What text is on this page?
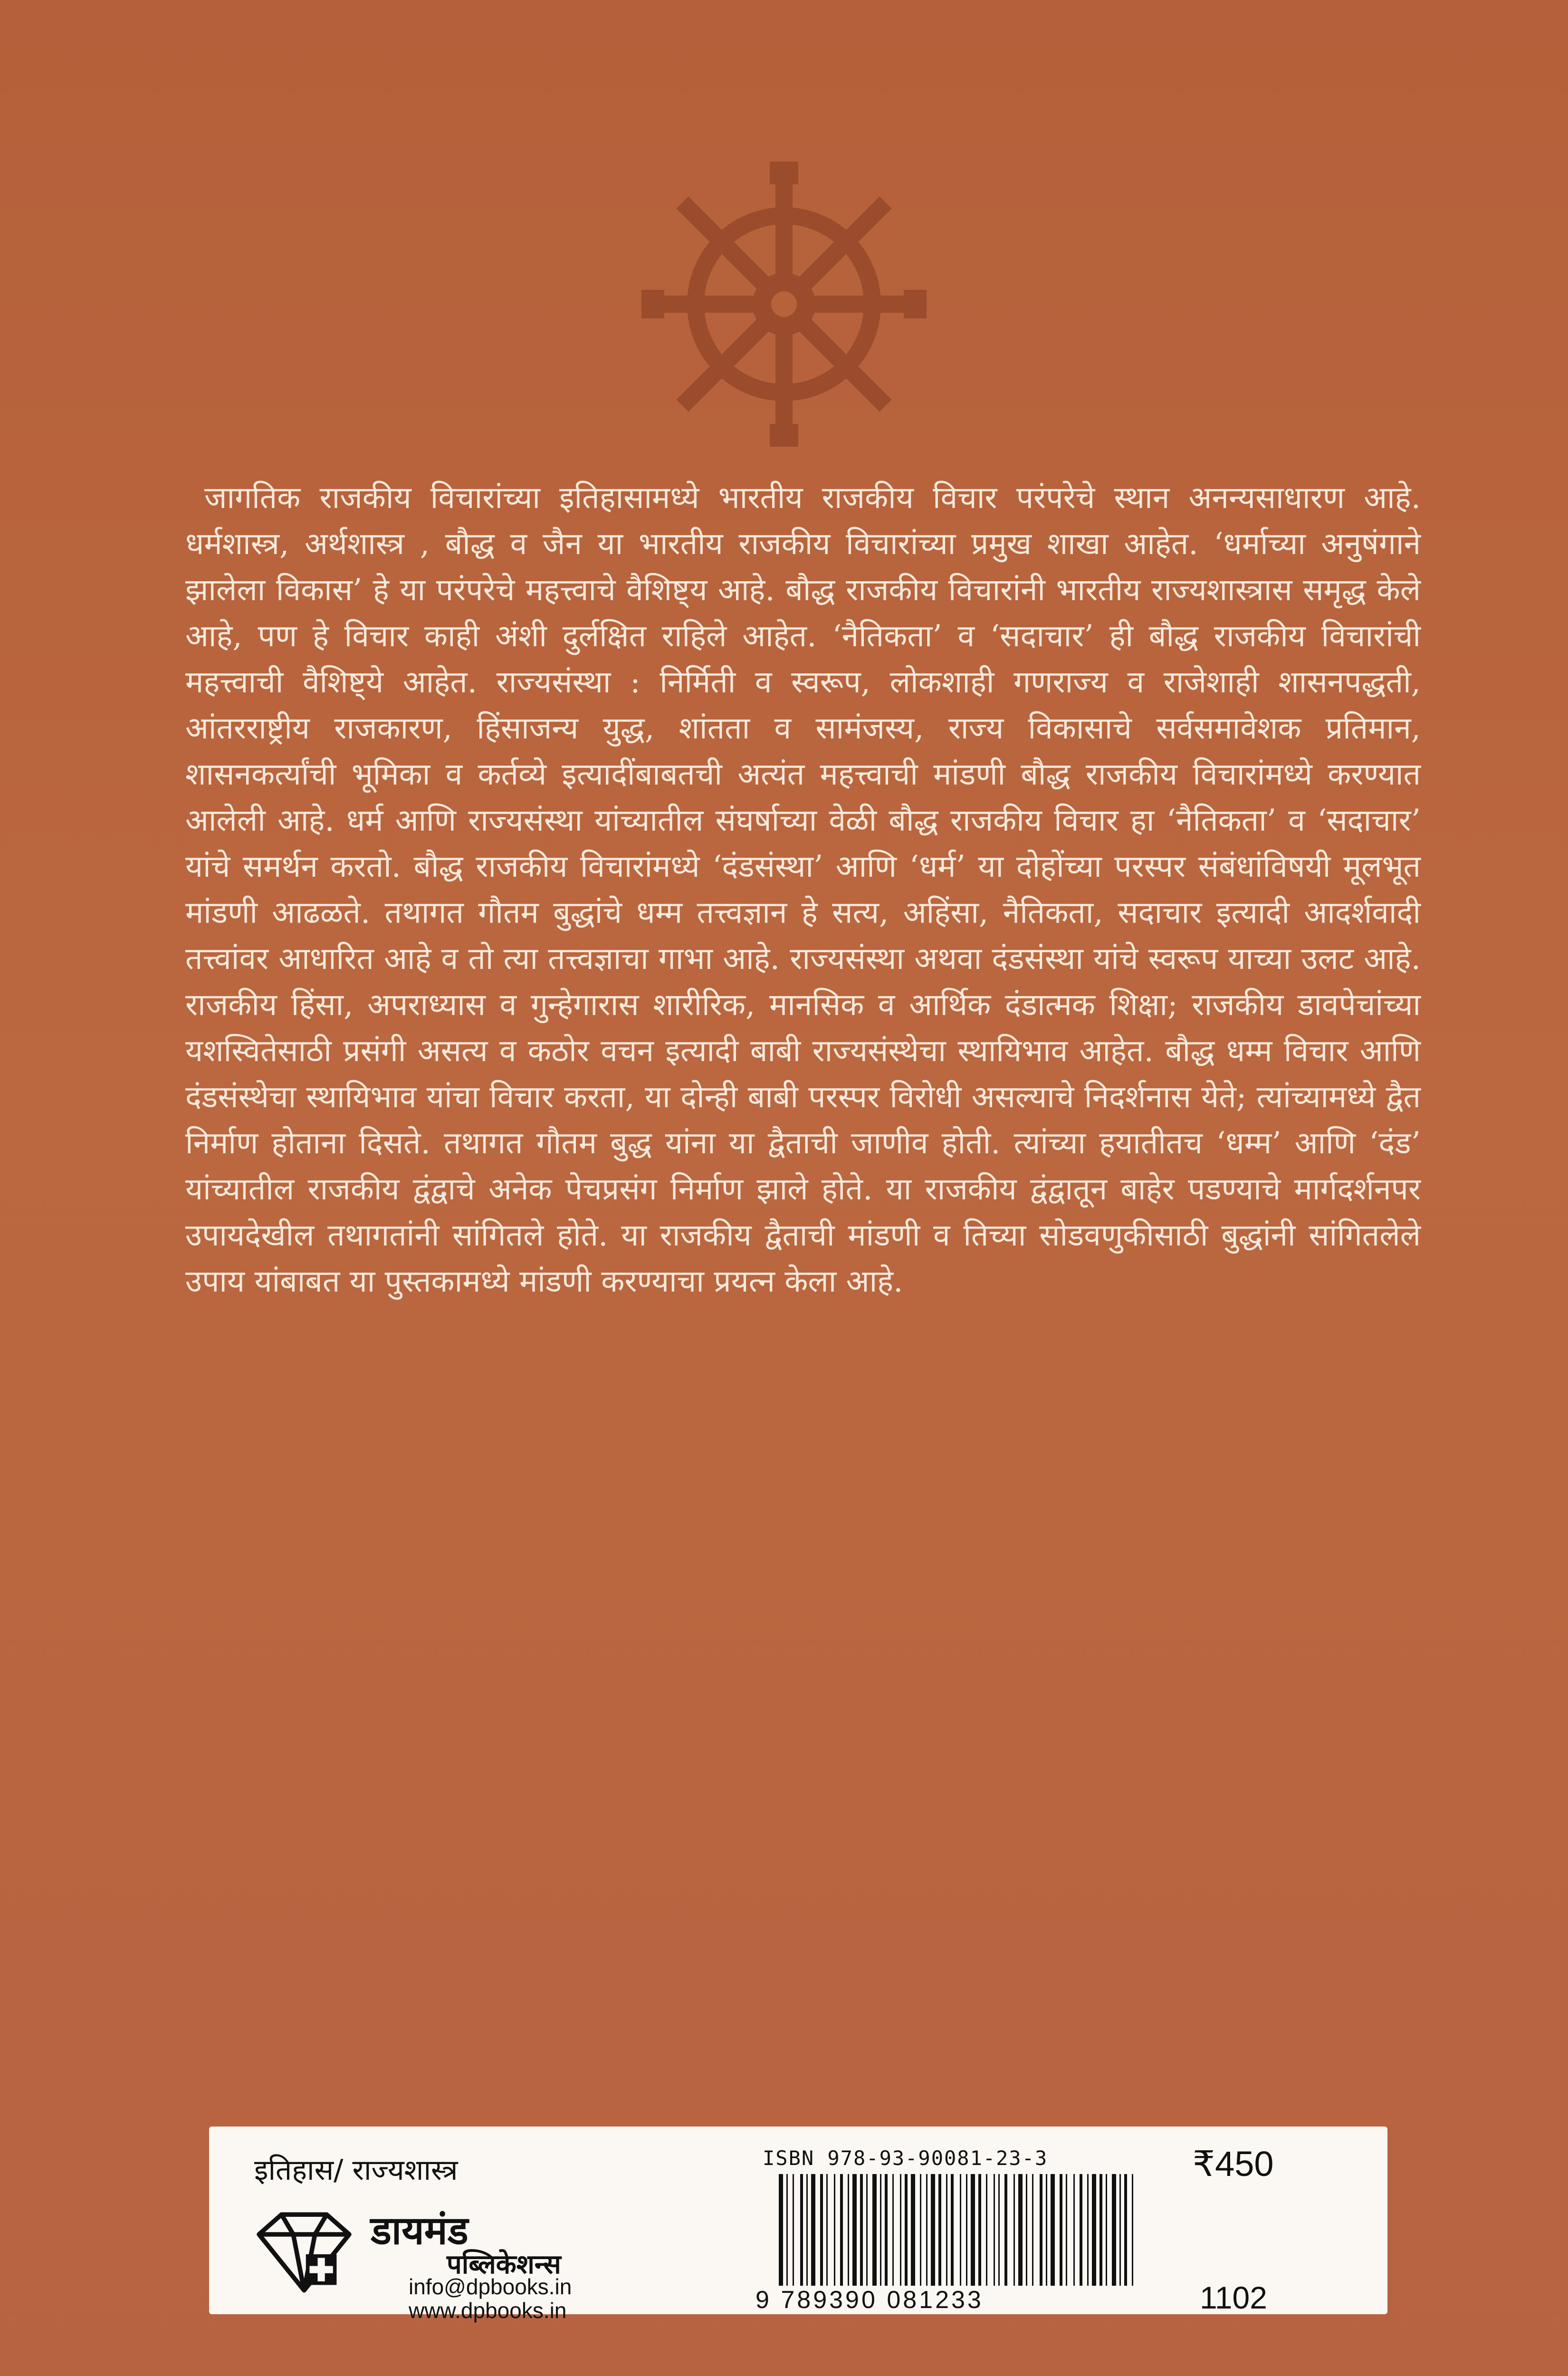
जागतिक राजकीय विचारांच्या इतिहासामध्ये भारतीय राजकीय विचार परंपरेचे स्थान अनन्यसाधारण आहे. धर्मशास्त्र, अर्थशास्त्र , बौद्ध व जैन या भारतीय राजकीय विचारांच्या प्रमुख शाखा आहेत. ‘धर्माच्या अनुषंगाने झालेला विकास’ हे या परंपरेचे महत्त्वाचे वैशिष्ट्य आहे. बौद्ध राजकीय विचारांनी भारतीय राज्यशास्त्रास समृद्ध केले आहे, पण हे विचार काही अंशी दुर्लक्षित राहिले आहेत. ‘नैतिकता’ व ‘सदाचार’ ही बौद्ध राजकीय विचारांची महत्त्वाची वैशिष्ट्ये आहेत. राज्यसंस्था : निर्मिती व स्वरूप, लोकशाही गणराज्य व राजेशाही शासनपद्धती, आंतरराष्ट्रीय राजकारण, हिंसाजन्य युद्ध, शांतता व सामंजस्य, राज्य विकासाचे सर्वसमावेशक प्रतिमान, शासनकर्त्यांची भूमिका व कर्तव्ये इत्यादींबाबतची अत्यंत महत्त्वाची मांडणी बौद्ध राजकीय विचारांमध्ये करण्यात आलेली आहे. धर्म आणि राज्यसंस्था यांच्यातील संघर्षाच्या वेळी बौद्ध राजकीय विचार हा ‘नैतिकता’ व ‘सदाचार’ यांचे समर्थन करतो. बौद्ध राजकीय विचारांमध्ये ‘दंडसंस्था’ आणि ‘धर्म’ या दोहोंच्या परस्पर संबंधांविषयी मूलभूत मांडणी आढळते. तथागत गौतम बुद्धांचे धम्म तत्त्वज्ञान हे सत्य, अहिंसा, नैतिकता, सदाचार इत्यादी आदर्शवादी तत्त्वांवर आधारित आहे व तो त्या तत्त्वज्ञाचा गाभा आहे. राज्यसंस्था अथवा दंडसंस्था यांचे स्वरूप याच्या उलट आहे. राजकीय हिंसा, अपराध्यास व गुन्हेगारास शारीरिक, मानसिक व आर्थिक दंडात्मक शिक्षा; राजकीय डावपेचांच्या यशस्वितेसाठी प्रसंगी असत्य व कठोर वचन इत्यादी बाबी राज्यसंस्थेचा स्थायिभाव आहेत. बौद्ध धम्म विचार आणि दंडसंस्थेचा स्थायिभाव यांचा विचार करता, या दोन्ही बाबी परस्पर विरोधी असल्याचे निदर्शनास येते; त्यांच्यामध्ये द्वैत निर्माण होताना दिसते. तथागत गौतम बुद्ध यांना या द्वैताची जाणीव होती. त्यांच्या हयातीतच ‘धम्म’ आणि ‘दंड’ यांच्यातील राजकीय द्वंद्वाचे अनेक पेचप्रसंग निर्माण झाले होते. या राजकीय द्वंद्वातून बाहेर पडण्याचे मार्गदर्शनपर उपायदेखील तथागतांनी सांगितले होते. या राजकीय द्वैताची मांडणी व तिच्या सोडवणुकीसाठी बुद्धांनी सांगितलेले उपाय यांबाबत या पुस्तकामध्ये मांडणी करण्याचा प्रयत्न केला आहे.

इतिहास/ राज्यशास्त्र
डायमंड
पब्लिकेशन्स
info@dpbooks.in
www.dpbooks.in
ISBN 978-93-90081-23-3
9 789390 081233
₹450
1102
